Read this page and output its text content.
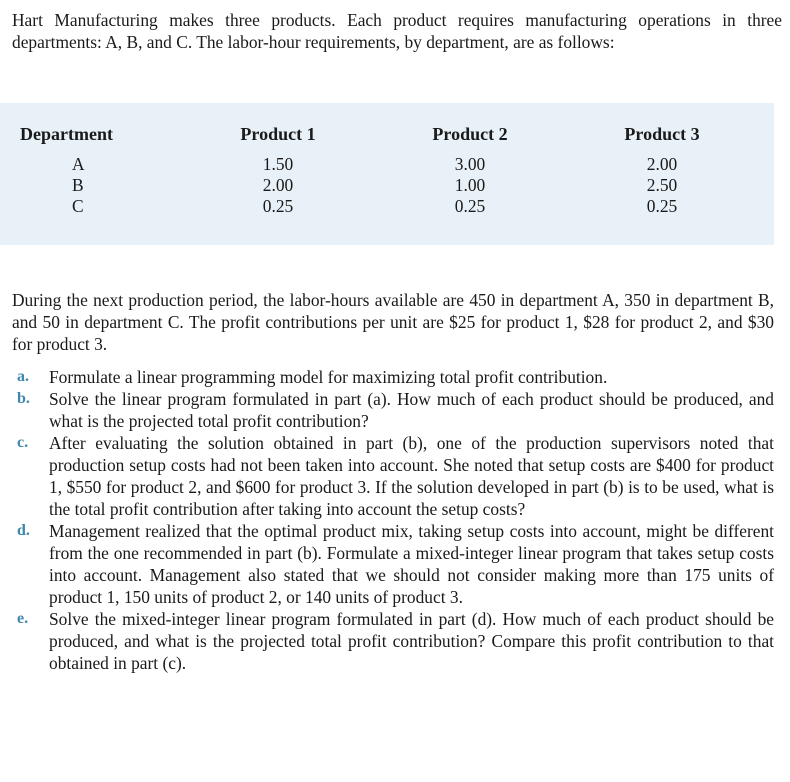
Hart Manufacturing makes three products. Each product requires manufacturing operations in three departments: A, B, and C. The labor-hour requirements, by department, are as follows:
Department
A
B
C
Product 1
1.50
2.00
0.25
Product 2
3.00
1.00
0.25
Product 3
2.00
2.50
0.25
During the next production period, the labor-hours available are 450 in department A, 350 in department B, and 50 in department C. The profit contributions per unit are $25 for product 1, $28 for product 2, and $30 for product 3.
a. Formulate a linear programming model for maximizing total profit contribution.
b. Solve the linear program formulated in part (a). How much of each product should be produced, and what is the projected total profit contribution?
c. After evaluating the solution obtained in part (b), one of the production supervisors noted that production setup costs had not been taken into account. She noted that setup costs are $400 for product 1, $550 for product 2, and $600 for product 3. If the solution developed in part (b) is to be used, what is the total profit contribution after taking into account the setup costs?
d. Management realized that the optimal product mix, taking setup costs into account, might be different from the one recommended in part (b). Formulate a mixed-integer linear program that takes setup costs into account. Management also stated that we should not consider making more than 175 units of product 1, 150 units of product 2, or 140 units of product 3.
e. Solve the mixed-integer linear program formulated in part (d). How much of each product should be produced, and what is the projected total profit contribution? Compare this profit contribution to that obtained in part (c).
